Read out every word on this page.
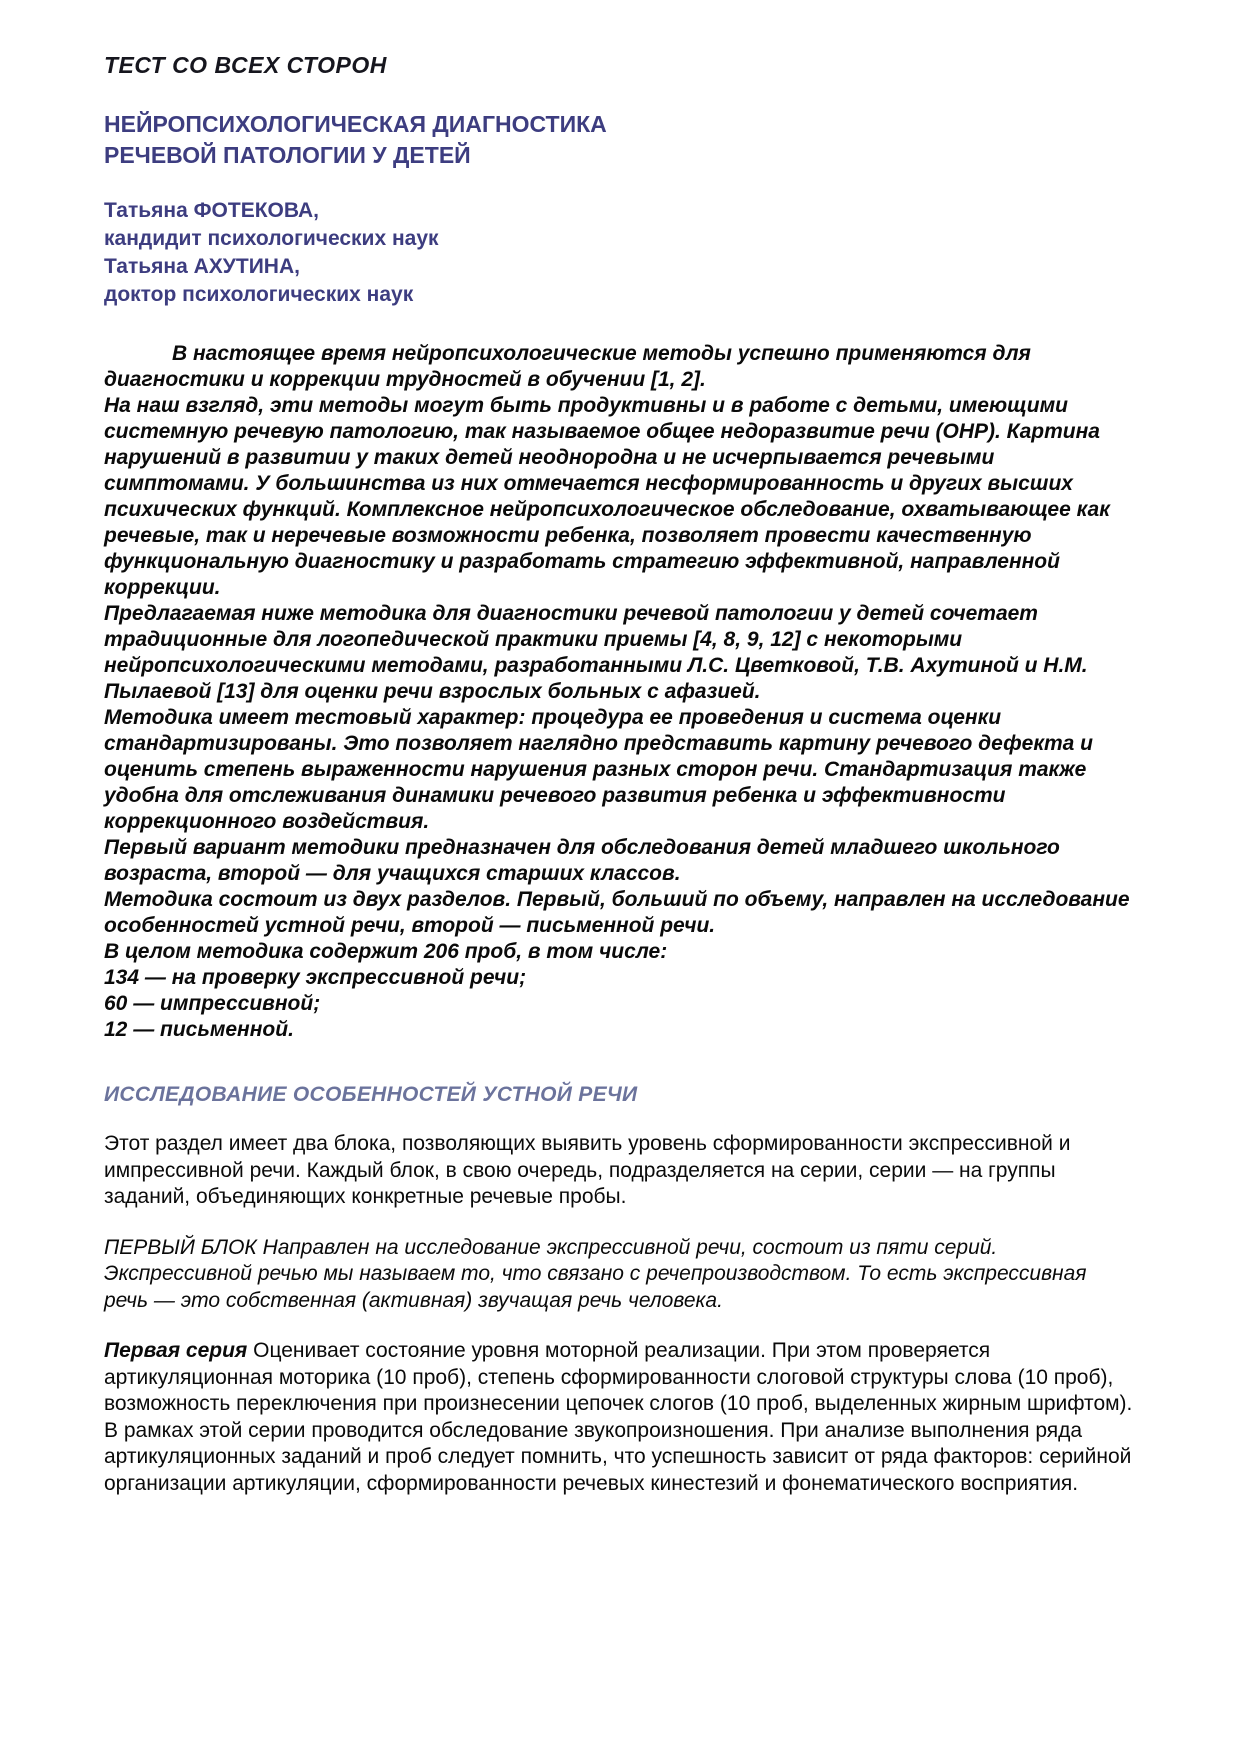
ТЕСТ СО ВСЕХ СТОРОН
НЕЙРОПСИХОЛОГИЧЕСКАЯ ДИАГНОСТИКА
РЕЧЕВОЙ ПАТОЛОГИИ У ДЕТЕЙ
Татьяна ФОТЕКОВА,
кандидит психологических наук
Татьяна АХУТИНА,
доктор психологических наук

В настоящее время нейропсихологические методы успешно применяются для диагностики и коррекции трудностей в обучении [1, 2].

На наш взгляд, эти методы могут быть продуктивны и в работе с детьми, имеющими системную речевую патологию, так называемое общее недоразвитие речи (ОНР). Картина нарушений в развитии у таких детей неоднородна и не исчерпывается речевыми симптомами. У большинства из них отмечается несформированность и других высших психических функций. Комплексное нейропсихологическое обследование, охватывающее как речевые, так и неречевые возможности ребенка, позволяет провести качественную функциональную диагностику и разработать стратегию эффективной, направленной коррекции.

Предлагаемая ниже методика для диагностики речевой патологии у детей сочетает традиционные для логопедической практики приемы [4, 8, 9, 12] с некоторыми нейропсихологическими методами, разработанными Л.С. Цветковой, Т.В. Ахутиной и Н.М. Пылаевой [13] для оценки речи взрослых больных с афазией.

Методика имеет тестовый характер: процедура ее проведения и система оценки стандартизированы. Это позволяет наглядно представить картину речевого дефекта и оценить степень выраженности нарушения разных сторон речи. Стандартизация также удобна для отслеживания динамики речевого развития ребенка и эффективности коррекционного воздействия.

Первый вариант методики предназначен для обследования детей младшего школьного возраста, второй — для учащихся старших классов.

Методика состоит из двух разделов. Первый, больший по объему, направлен на исследование особенностей устной речи, второй — письменной речи.

В целом методика содержит 206 проб, в том числе:

134 — на проверку экспрессивной речи;

60 — импрессивной;

12 — письменной.

ИССЛЕДОВАНИЕ ОСОБЕННОСТЕЙ УСТНОЙ РЕЧИ

Этот раздел имеет два блока, позволяющих выявить уровень сформированности экспрессивной и импрессивной речи. Каждый блок, в свою очередь, подразделяется на серии, серии — на группы заданий, объединяющих конкретные речевые пробы.

ПЕРВЫЙ БЛОК Направлен на исследование экспрессивной речи, состоит из пяти серий. Экспрессивной речью мы называем то, что связано с речепроизводством. То есть экспрессивная речь — это собственная (активная) звучащая речь человека.

Первая серия Оценивает состояние уровня моторной реализации. При этом проверяется артикуляционная моторика (10 проб), степень сформированности слоговой структуры слова (10 проб), возможность переключения при произнесении цепочек слогов (10 проб, выделенных жирным шрифтом).

В рамках этой серии проводится обследование звукопроизношения. При анализе выполнения ряда артикуляционных заданий и проб следует помнить, что успешность зависит от ряда факторов: серийной организации артикуляции, сформированности речевых кинестезий и фонематического восприятия.
